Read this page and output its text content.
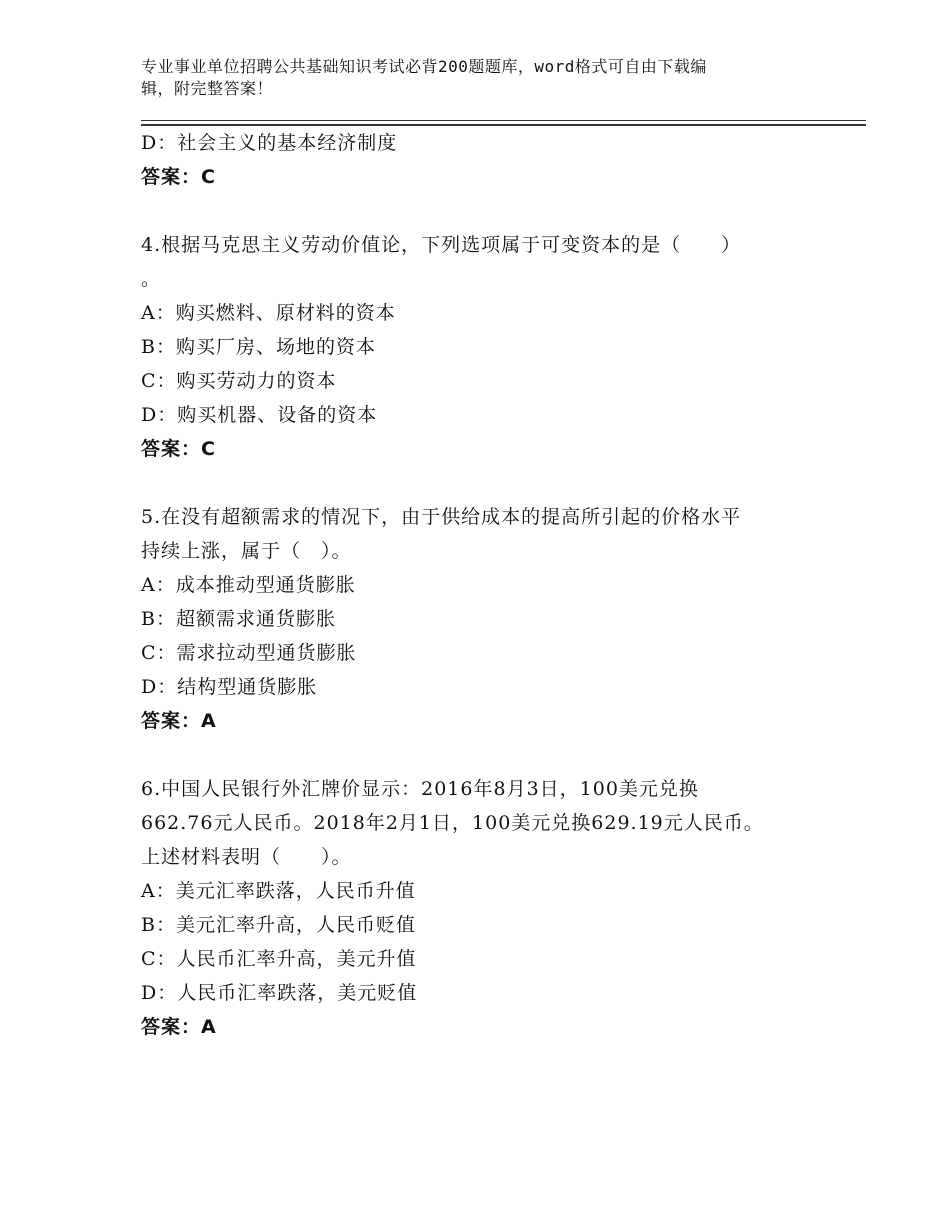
专业事业单位招聘公共基础知识考试必背200题题库，word格式可自由下载编
辑，附完整答案！
D：社会主义的基本经济制度
答案：C
4.根据马克思主义劳动价值论，下列选项属于可变资本的是（　　）
。
A：购买燃料、原材料的资本
B：购买厂房、场地的资本
C：购买劳动力的资本
D：购买机器、设备的资本
答案：C
5.在没有超额需求的情况下，由于供给成本的提高所引起的价格水平
持续上涨，属于（　）。
A：成本推动型通货膨胀
B：超额需求通货膨胀
C：需求拉动型通货膨胀
D：结构型通货膨胀
答案：A
6.中国人民银行外汇牌价显示：2016年8月3日，100美元兑换
662.76元人民币。2018年2月1日，100美元兑换629.19元人民币。
上述材料表明（　　）。
A：美元汇率跌落，人民币升值
B：美元汇率升高，人民币贬值
C：人民币汇率升高，美元升值
D：人民币汇率跌落，美元贬值
答案：A
